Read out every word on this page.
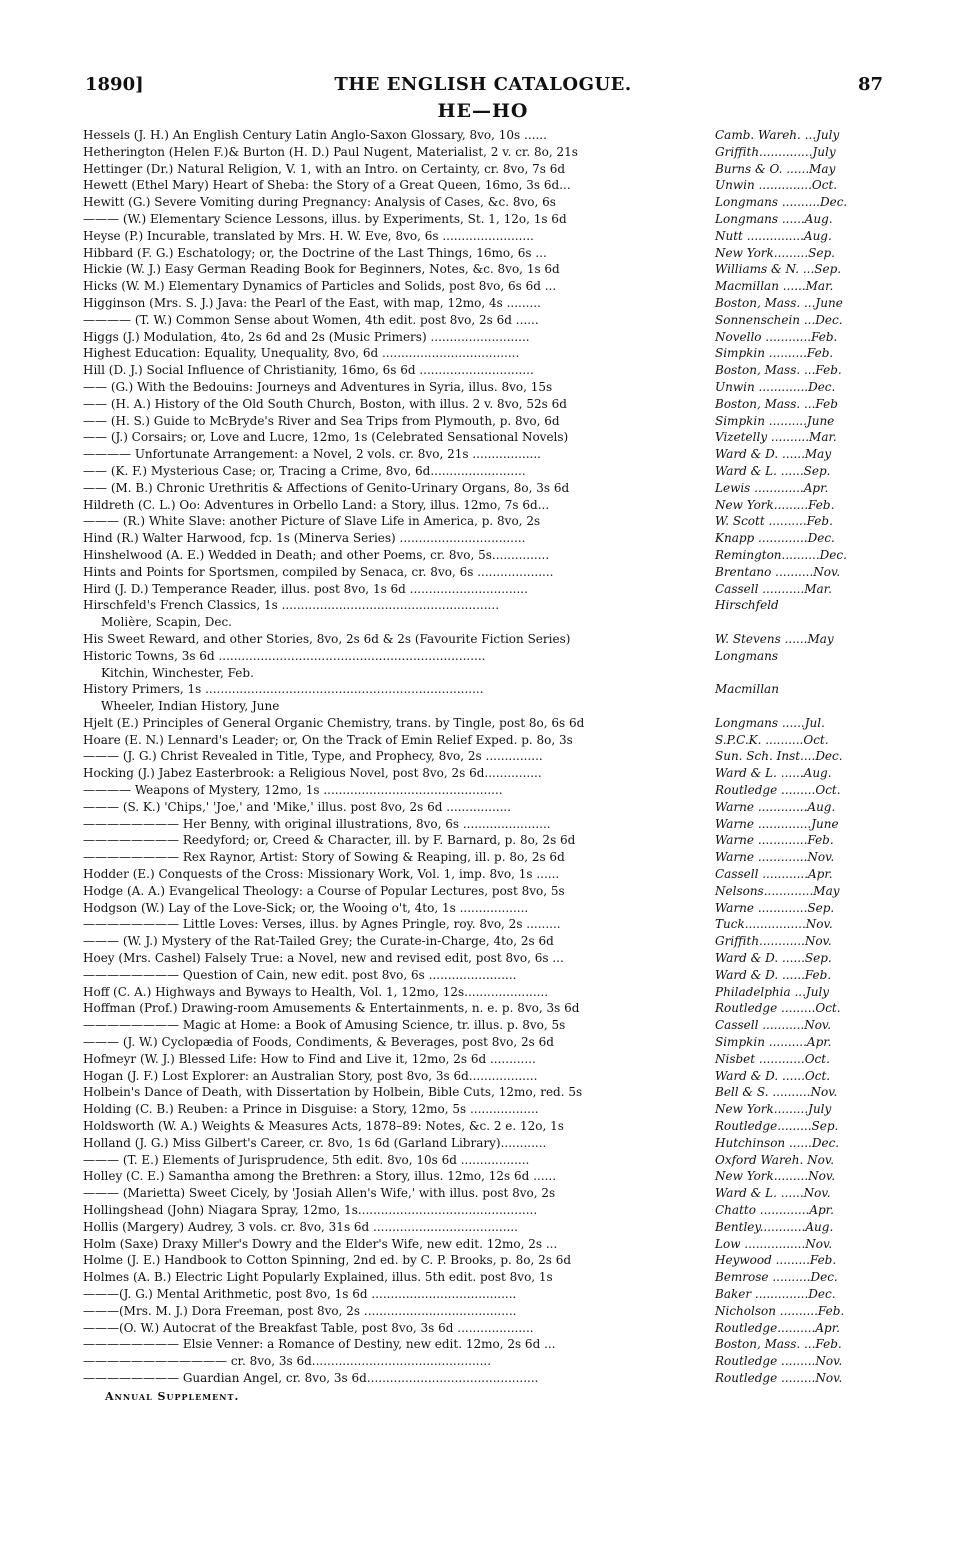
1890]	THE ENGLISH CATALOGUE.	87
HE—HO
Hessels (J. H.) An English Century Latin Anglo-Saxon Glossary, 8vo, 10s ......	Camb. Wareh. ...July
Hetherington (Helen F.)& Burton (H. D.) Paul Nugent, Materialist, 2 v. cr. 8o, 21s	Griffith..............July
Hettinger (Dr.) Natural Religion, V. 1, with an Intro. on Certainty, cr. 8vo, 7s 6d	Burns & O. ......May
Hewett (Ethel Mary) Heart of Sheba: the Story of a Great Queen, 16mo, 3s 6d...	Unwin ..............Oct.
Hewitt (G.) Severe Vomiting during Pregnancy: Analysis of Cases, &c. 8vo, 6s	Longmans ..........Dec.
——— (W.) Elementary Science Lessons, illus. by Experiments, St. 1, 12o, 1s 6d	Longmans ......Aug.
Heyse (P.) Incurable, translated by Mrs. H. W. Eve, 8vo, 6s ........................	Nutt ...............Aug.
Hibbard (F. G.) Eschatology; or, the Doctrine of the Last Things, 16mo, 6s ...	New York.........Sep.
Hickie (W. J.) Easy German Reading Book for Beginners, Notes, &c. 8vo, 1s 6d	Williams & N. ...Sep.
Hicks (W. M.) Elementary Dynamics of Particles and Solids, post 8vo, 6s 6d ...	Macmillan ......Mar.
Higginson (Mrs. S. J.) Java: the Pearl of the East, with map, 12mo, 4s .........	Boston, Mass. ...June
———— (T. W.) Common Sense about Women, 4th edit. post 8vo, 2s 6d ......	Sonnenschein ...Dec.
Higgs (J.) Modulation, 4to, 2s 6d and 2s (Music Primers) ..........................	Novello ............Feb.
Highest Education: Equality, Unequality, 8vo, 6d ....................................	Simpkin ..........Feb.
Hill (D. J.) Social Influence of Christianity, 16mo, 6s 6d ..............................	Boston, Mass. ...Feb.
—— (G.) With the Bedouins: Journeys and Adventures in Syria, illus. 8vo, 15s	Unwin .............Dec.
—— (H. A.) History of the Old South Church, Boston, with illus. 2 v. 8vo, 52s 6d	Boston, Mass. ...Feb
—— (H. S.) Guide to McBryde's River and Sea Trips from Plymouth, p. 8vo, 6d	Simpkin ..........June
—— (J.) Corsairs; or, Love and Lucre, 12mo, 1s (Celebrated Sensational Novels)	Vizetelly ..........Mar.
———— Unfortunate Arrangement: a Novel, 2 vols. cr. 8vo, 21s ..................	Ward & D. ......May
—— (K. F.) Mysterious Case; or, Tracing a Crime, 8vo, 6d.........................	Ward & L. ......Sep.
—— (M. B.) Chronic Urethritis & Affections of Genito-Urinary Organs, 8o, 3s 6d	Lewis .............Apr.
Hildreth (C. L.) Oo: Adventures in Orbello Land: a Story, illus. 12mo, 7s 6d...	New York.........Feb.
——— (R.) White Slave: another Picture of Slave Life in America, p. 8vo, 2s	W. Scott ..........Feb.
Hind (R.) Walter Harwood, fcp. 1s (Minerva Series) .................................	Knapp .............Dec.
Hinshelwood (A. E.) Wedded in Death; and other Poems, cr. 8vo, 5s...............	Remington..........Dec.
Hints and Points for Sportsmen, compiled by Senaca, cr. 8vo, 6s ....................	Brentano ..........Nov.
Hird (J. D.) Temperance Reader, illus. post 8vo, 1s 6d ...............................	Cassell ...........Mar.
Hirschfeld's French Classics, 1s .........................................................	Hirschfeld
Molière, Scapin, Dec.
His Sweet Reward, and other Stories, 8vo, 2s 6d & 2s (Favourite Fiction Series)	W. Stevens ......May
Historic Towns, 3s 6d ......................................................................	Longmans
Kitchin, Winchester, Feb.
History Primers, 1s .........................................................................	Macmillan
Wheeler, Indian History, June
Hjelt (E.) Principles of General Organic Chemistry, trans. by Tingle, post 8o, 6s 6d	Longmans ......Jul.
Hoare (E. N.) Lennard's Leader; or, On the Track of Emin Relief Exped. p. 8o, 3s	S.P.C.K. ..........Oct.
——— (J. G.) Christ Revealed in Title, Type, and Prophecy, 8vo, 2s ...............	Sun. Sch. Inst....Dec.
Hocking (J.) Jabez Easterbrook: a Religious Novel, post 8vo, 2s 6d...............	Ward & L. ......Aug.
———— Weapons of Mystery, 12mo, 1s ...............................................	Routledge .........Oct.
——— (S. K.) 'Chips,' 'Joe,' and 'Mike,' illus. post 8vo, 2s 6d .................	Warne .............Aug.
———————— Her Benny, with original illustrations, 8vo, 6s .......................	Warne ..............June
———————— Reedyford; or, Creed & Character, ill. by F. Barnard, p. 8o, 2s 6d	Warne .............Feb.
———————— Rex Raynor, Artist: Story of Sowing & Reaping, ill. p. 8o, 2s 6d	Warne .............Nov.
Hodder (E.) Conquests of the Cross: Missionary Work, Vol. 1, imp. 8vo, 1s ......	Cassell ............Apr.
Hodge (A. A.) Evangelical Theology: a Course of Popular Lectures, post 8vo, 5s	Nelsons.............May
Hodgson (W.) Lay of the Love-Sick; or, the Wooing o't, 4to, 1s ..................	Warne .............Sep.
———————— Little Loves: Verses, illus. by Agnes Pringle, roy. 8vo, 2s .........	Tuck................Nov.
——— (W. J.) Mystery of the Rat-Tailed Grey; the Curate-in-Charge, 4to, 2s 6d	Griffith............Nov.
Hoey (Mrs. Cashel) Falsely True: a Novel, new and revised edit, post 8vo, 6s ...	Ward & D. ......Sep.
———————— Question of Cain, new edit. post 8vo, 6s .......................	Ward & D. ......Feb.
Hoff (C. A.) Highways and Byways to Health, Vol. 1, 12mo, 12s......................	Philadelphia ...July
Hoffman (Prof.) Drawing-room Amusements & Entertainments, n. e. p. 8vo, 3s 6d	Routledge .........Oct.
———————— Magic at Home: a Book of Amusing Science, tr. illus. p. 8vo, 5s	Cassell ...........Nov.
——— (J. W.) Cyclopædia of Foods, Condiments, & Beverages, post 8vo, 2s 6d	Simpkin ..........Apr.
Hofmeyr (W. J.) Blessed Life: How to Find and Live it, 12mo, 2s 6d ............	Nisbet ............Oct.
Hogan (J. F.) Lost Explorer: an Australian Story, post 8vo, 3s 6d..................	Ward & D. ......Oct.
Holbein's Dance of Death, with Dissertation by Holbein, Bible Cuts, 12mo, red. 5s	Bell & S. ..........Nov.
Holding (C. B.) Reuben: a Prince in Disguise: a Story, 12mo, 5s ..................	New York.........July
Holdsworth (W. A.) Weights & Measures Acts, 1878–89: Notes, &c. 2 e. 12o, 1s	Routledge.........Sep.
Holland (J. G.) Miss Gilbert's Career, cr. 8vo, 1s 6d (Garland Library)............	Hutchinson ......Dec.
——— (T. E.) Elements of Jurisprudence, 5th edit. 8vo, 10s 6d ..................	Oxford Wareh. Nov.
Holley (C. E.) Samantha among the Brethren: a Story, illus. 12mo, 12s 6d ......	New York.........Nov.
——— (Marietta) Sweet Cicely, by 'Josiah Allen's Wife,' with illus. post 8vo, 2s	Ward & L. ......Nov.
Hollingshead (John) Niagara Spray, 12mo, 1s...............................................	Chatto .............Apr.
Hollis (Margery) Audrey, 3 vols. cr. 8vo, 31s 6d ......................................	Bentley............Aug.
Holm (Saxe) Draxy Miller's Dowry and the Elder's Wife, new edit. 12mo, 2s ...	Low ................Nov.
Holme (J. E.) Handbook to Cotton Spinning, 2nd ed. by C. P. Brooks, p. 8o, 2s 6d	Heywood .........Feb.
Holmes (A. B.) Electric Light Popularly Explained, illus. 5th edit. post 8vo, 1s	Bemrose ..........Dec.
———(J. G.) Mental Arithmetic, post 8vo, 1s 6d ......................................	Baker ..............Dec.
———(Mrs. M. J.) Dora Freeman, post 8vo, 2s ........................................	Nicholson ..........Feb.
———(O. W.) Autocrat of the Breakfast Table, post 8vo, 3s 6d ....................	Routledge..........Apr.
———————— Elsie Venner: a Romance of Destiny, new edit. 12mo, 2s 6d ...	Boston, Mass. ...Feb.
———————————— cr. 8vo, 3s 6d...............................................	Routledge .........Nov.
———————— Guardian Angel, cr. 8vo, 3s 6d.............................................	Routledge .........Nov.
Annual Supplement.
